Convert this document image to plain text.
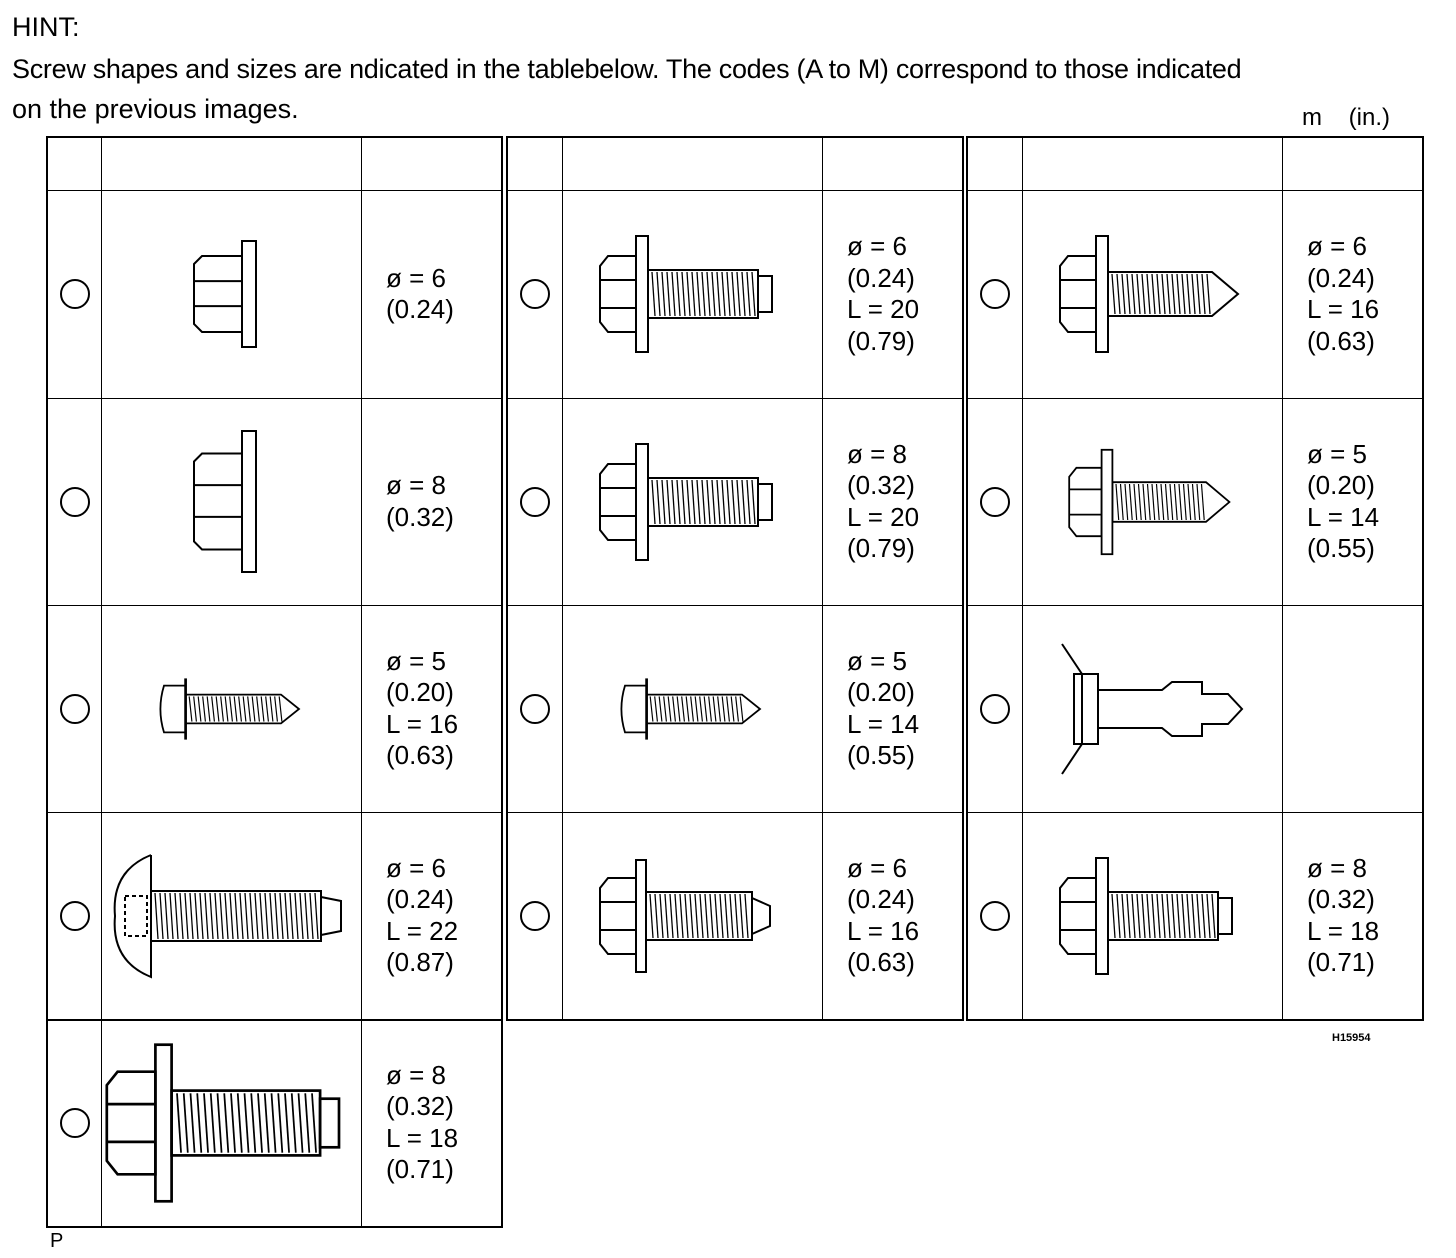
HINT:
Screw shapes and sizes are ndicated in the tablebelow. The codes (A to M) correspond to those indicated
on the previous images.	m    (in.)
H15954
P
ø = 6
(0.24)
ø = 6
(0.24)
L = 20
(0.79)
ø = 6
(0.24)
L = 16
(0.63)
ø = 8
(0.32)
ø = 8
(0.32)
L = 20
(0.79)
ø = 5
(0.20)
L = 14
(0.55)
ø = 5
(0.20)
L = 16
(0.63)
ø = 5
(0.20)
L = 14
(0.55)
ø = 6
(0.24)
L = 22
(0.87)
ø = 6
(0.24)
L = 16
(0.63)
ø = 8
(0.32)
L = 18
(0.71)
ø = 8
(0.32)
L = 18
(0.71)
